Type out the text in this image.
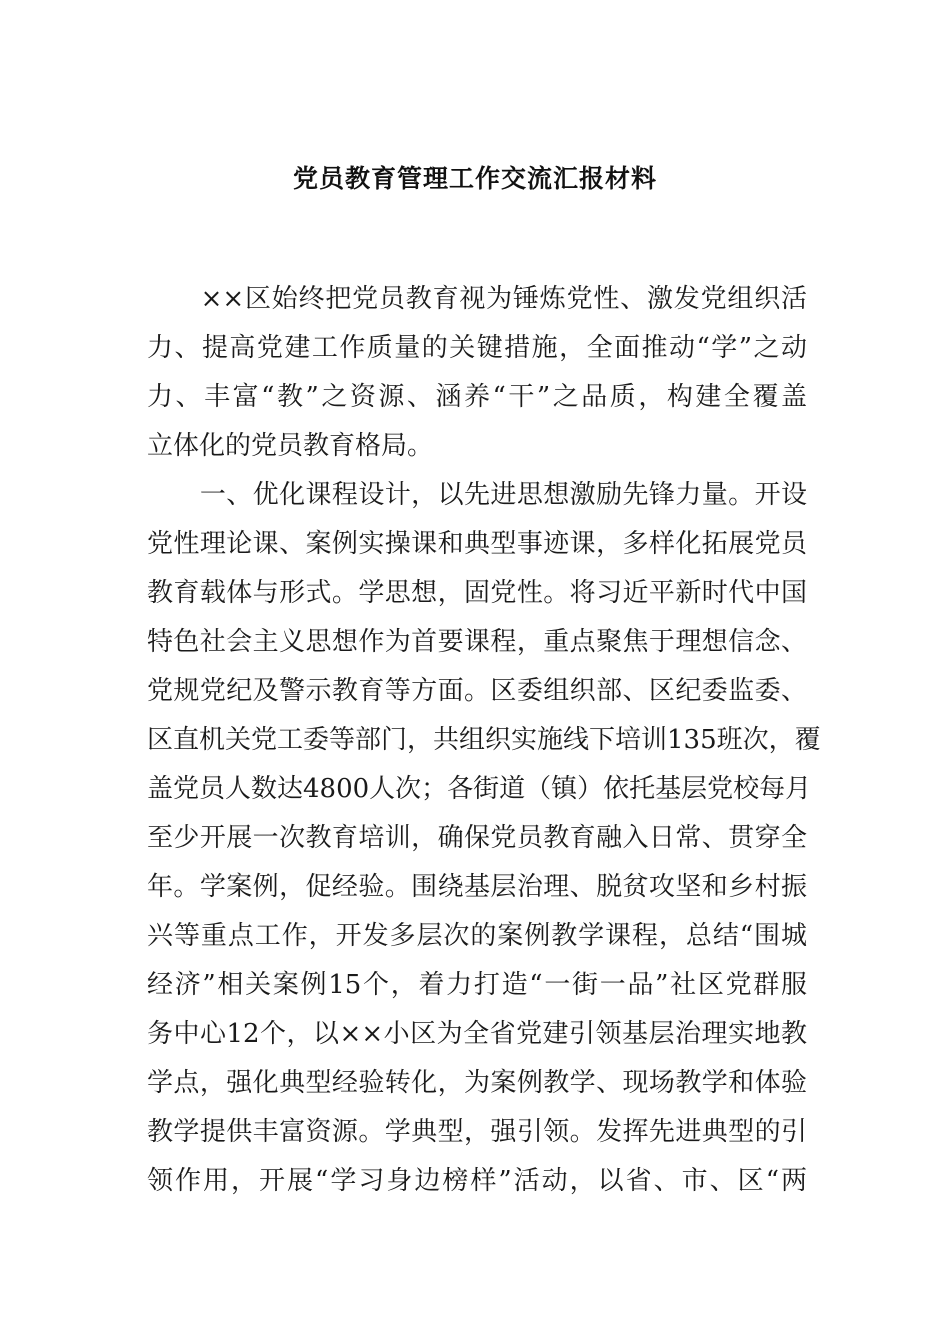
党员教育管理工作交流汇报材料
　　××区始终把党员教育视为锤炼党性、激发党组织活
力、提高党建工作质量的关键措施，全面推动“学”之动
力、丰富“教”之资源、涵养“干”之品质，构建全覆盖
立体化的党员教育格局。
　　一、优化课程设计，以先进思想激励先锋力量。开设
党性理论课、案例实操课和典型事迹课，多样化拓展党员
教育载体与形式。学思想，固党性。将习近平新时代中国
特色社会主义思想作为首要课程，重点聚焦于理想信念、
党规党纪及警示教育等方面。区委组织部、区纪委监委、
区直机关党工委等部门，共组织实施线下培训135班次，覆
盖党员人数达4800人次；各街道（镇）依托基层党校每月
至少开展一次教育培训，确保党员教育融入日常、贯穿全
年。学案例，促经验。围绕基层治理、脱贫攻坚和乡村振
兴等重点工作，开发多层次的案例教学课程，总结“围城
经济”相关案例15个，着力打造“一街一品”社区党群服
务中心12个，以××小区为全省党建引领基层治理实地教
学点，强化典型经验转化，为案例教学、现场教学和体验
教学提供丰富资源。学典型，强引领。发挥先进典型的引
领作用，开展“学习身边榜样”活动，以省、市、区“两
